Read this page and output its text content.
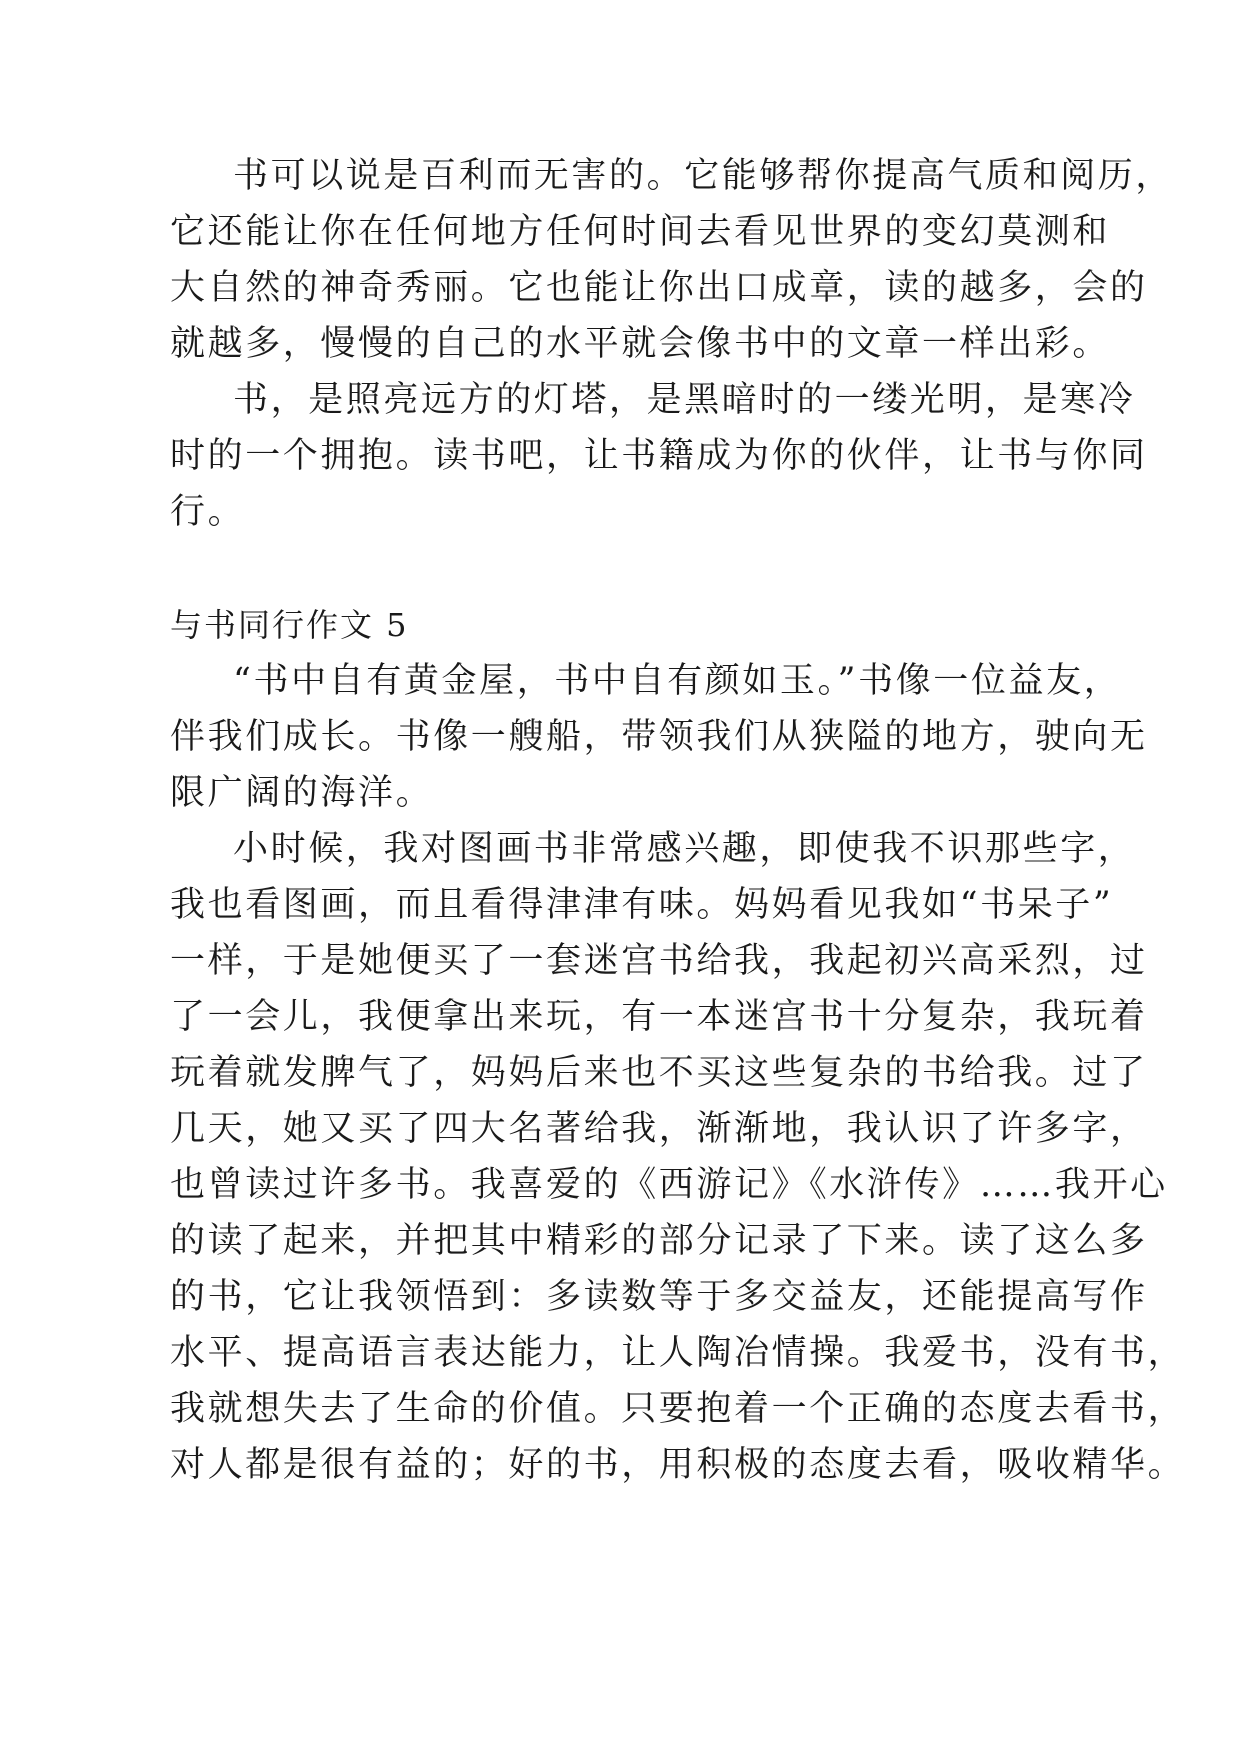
书可以说是百利而无害的。它能够帮你提高气质和阅历，
它还能让你在任何地方任何时间去看见世界的变幻莫测和
大自然的神奇秀丽。它也能让你出口成章，读的越多，会的
就越多，慢慢的自己的水平就会像书中的文章一样出彩。
书，是照亮远方的灯塔，是黑暗时的一缕光明，是寒冷
时的一个拥抱。读书吧，让书籍成为你的伙伴，让书与你同
行。
与书同行作文 5
“书中自有黄金屋，书中自有颜如玉。”书像一位益友，
伴我们成长。书像一艘船，带领我们从狭隘的地方，驶向无
限广阔的海洋。
小时候，我对图画书非常感兴趣，即使我不识那些字，
我也看图画，而且看得津津有味。妈妈看见我如“书呆子”
一样，于是她便买了一套迷宫书给我，我起初兴高采烈，过
了一会儿，我便拿出来玩，有一本迷宫书十分复杂，我玩着
玩着就发脾气了，妈妈后来也不买这些复杂的书给我。过了
几天，她又买了四大名著给我，渐渐地，我认识了许多字，
也曾读过许多书。我喜爱的《西游记》《水浒传》……我开心
的读了起来，并把其中精彩的部分记录了下来。读了这么多
的书，它让我领悟到：多读数等于多交益友，还能提高写作
水平、提高语言表达能力，让人陶冶情操。我爱书，没有书，
我就想失去了生命的价值。只要抱着一个正确的态度去看书，
对人都是很有益的；好的书，用积极的态度去看，吸收精华。
